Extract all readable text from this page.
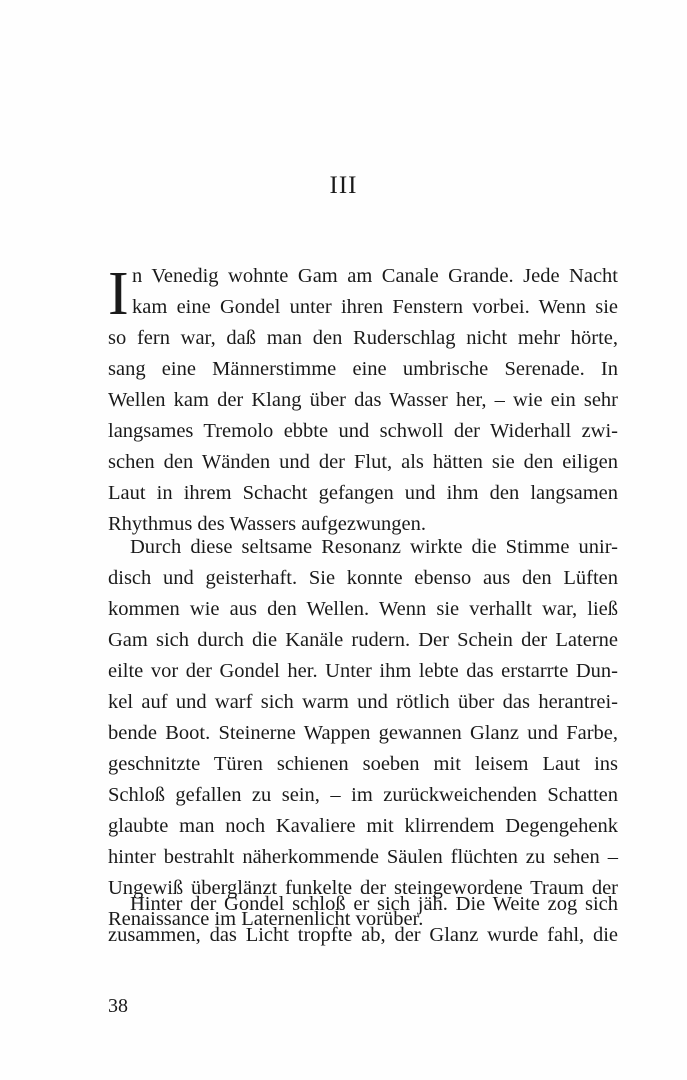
III
I n Venedig wohnte Gam am Canale Grande. Jede Nacht
kam eine Gondel unter ihren Fenstern vorbei. Wenn sie
so fern war, daß man den Ruderschlag nicht mehr hörte,
sang eine Männerstimme eine umbrische Serenade. In
Wellen kam der Klang über das Wasser her, – wie ein sehr
langsames Tremolo ebbte und schwoll der Widerhall zwi-
schen den Wänden und der Flut, als hätten sie den eiligen
Laut in ihrem Schacht gefangen und ihm den langsamen
Rhythmus des Wassers aufgezwungen.
Durch diese seltsame Resonanz wirkte die Stimme unir-
disch und geisterhaft. Sie konnte ebenso aus den Lüften
kommen wie aus den Wellen. Wenn sie verhallt war, ließ
Gam sich durch die Kanäle rudern. Der Schein der Laterne
eilte vor der Gondel her. Unter ihm lebte das erstarrte Dun-
kel auf und warf sich warm und rötlich über das herantrei-
bende Boot. Steinerne Wappen gewannen Glanz und Farbe,
geschnitzte Türen schienen soeben mit leisem Laut ins
Schloß gefallen zu sein, – im zurückweichenden Schatten
glaubte man noch Kavaliere mit klirrendem Degengehenk
hinter bestrahlt näherkommende Säulen flüchten zu sehen –
Ungewiß überglänzt funkelte der steingewordene Traum der
Renaissance im Laternenlicht vorüber.
Hinter der Gondel schloß er sich jäh. Die Weite zog sich
zusammen, das Licht tropfte ab, der Glanz wurde fahl, die
38
